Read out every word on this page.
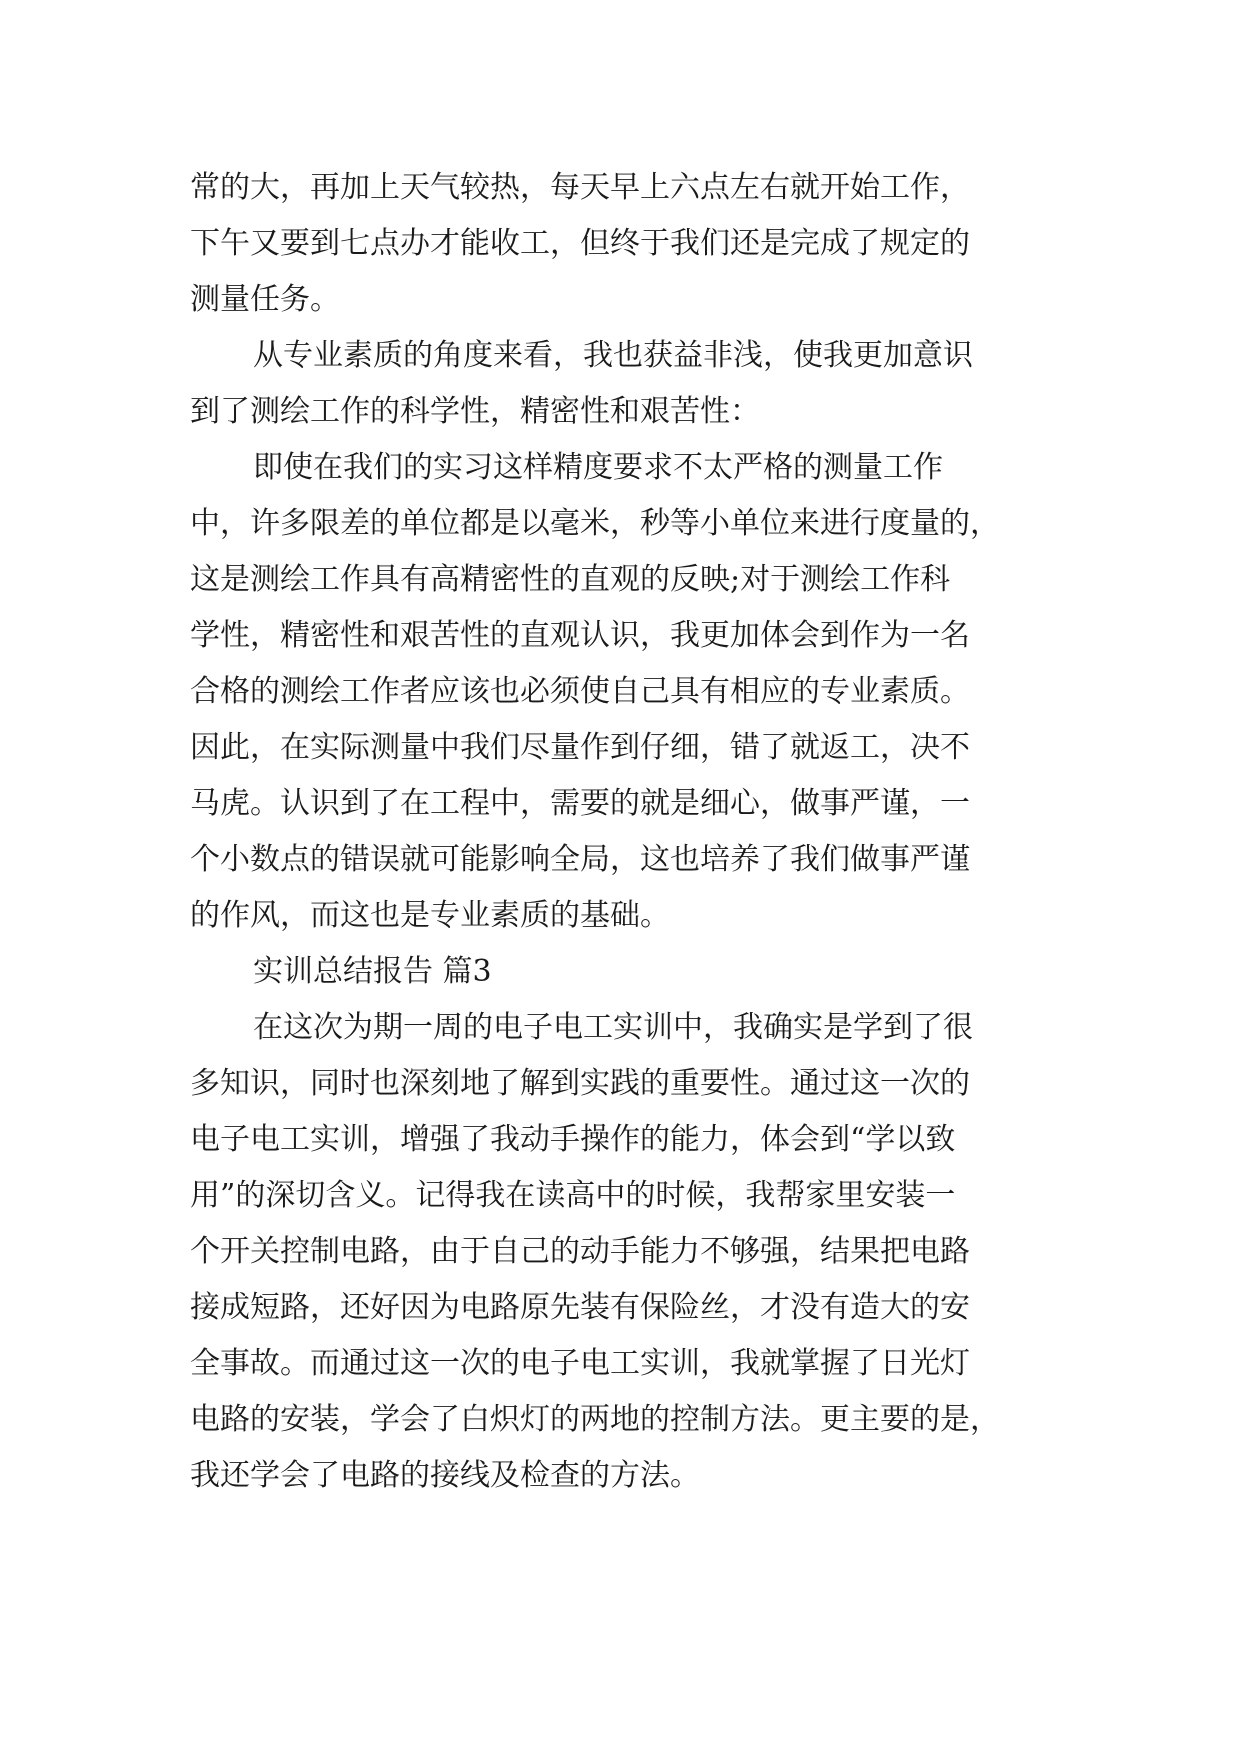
常的大，再加上天气较热，每天早上六点左右就开始工作，
下午又要到七点办才能收工，但终于我们还是完成了规定的
测量任务。
从专业素质的角度来看，我也获益非浅，使我更加意识
到了测绘工作的科学性，精密性和艰苦性：
即使在我们的实习这样精度要求不太严格的测量工作
中，许多限差的单位都是以毫米，秒等小单位来进行度量的，
这是测绘工作具有高精密性的直观的反映;对于测绘工作科
学性，精密性和艰苦性的直观认识，我更加体会到作为一名
合格的测绘工作者应该也必须使自己具有相应的专业素质。
因此，在实际测量中我们尽量作到仔细，错了就返工，决不
马虎。认识到了在工程中，需要的就是细心，做事严谨，一
个小数点的错误就可能影响全局，这也培养了我们做事严谨
的作风，而这也是专业素质的基础。
实训总结报告 篇3
在这次为期一周的电子电工实训中，我确实是学到了很
多知识，同时也深刻地了解到实践的重要性。通过这一次的
电子电工实训，增强了我动手操作的能力，体会到“学以致
用”的深切含义。记得我在读高中的时候，我帮家里安装一
个开关控制电路，由于自己的动手能力不够强，结果把电路
接成短路，还好因为电路原先装有保险丝，才没有造大的安
全事故。而通过这一次的电子电工实训，我就掌握了日光灯
电路的安装，学会了白炽灯的两地的控制方法。更主要的是，
我还学会了电路的接线及检查的方法。
